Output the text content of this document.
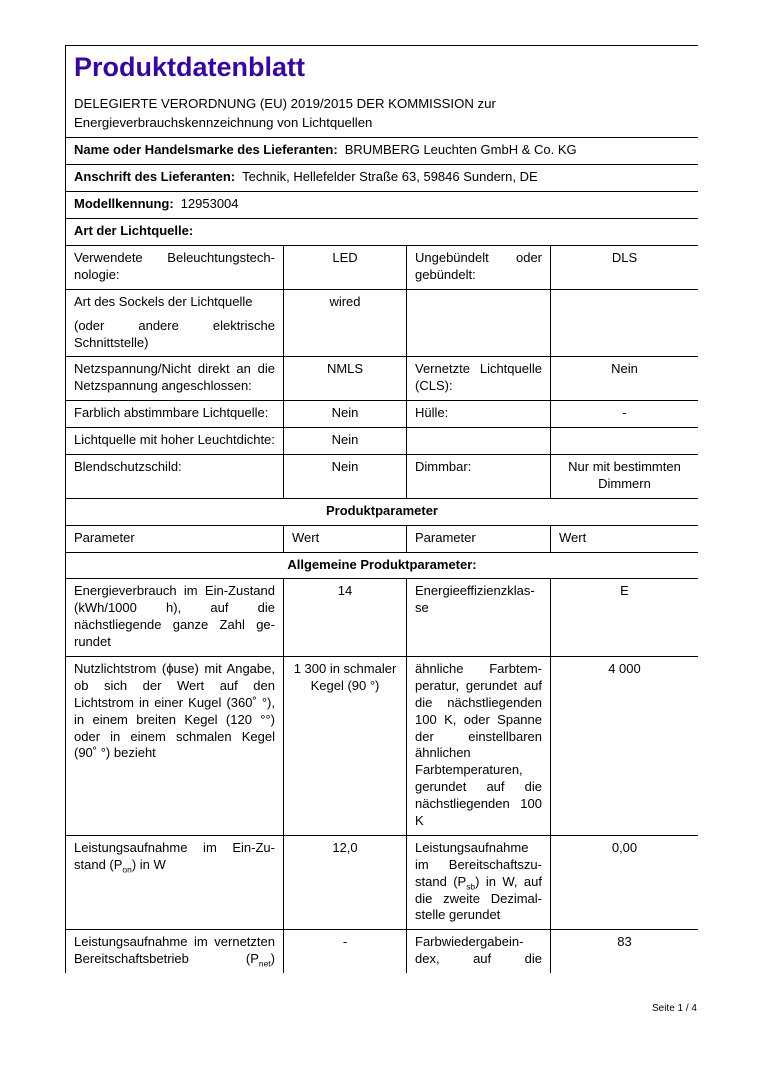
Produktdatenblatt
DELEGIERTE VERORDNUNG (EU) 2019/2015 DER KOMMISSION zur
Energieverbrauchskennzeichnung von Lichtquellen			

Name oder Handelsmarke des Lieferanten: BRUMBERG Leuchten GmbH & Co. KG			
Anschrift des Lieferanten: Technik, Hellefelder Straße 63, 59846 Sundern, DE			
Modellkennung: 12953004			
Art der Lichtquelle:			
Verwendete Beleuchtungstechnologie:	LED	Ungebündelt oder gebündelt:	DLS

Art des Sockels der Lichtquelle
(oder andere elektrische Schnittstelle)	wired		
Netzspannung/Nicht direkt an die Netzspannung angeschlossen:	NMLS	Vernetzte Lichtquelle (CLS):	Nein
Farblich abstimmbare Lichtquelle:	Nein	Hülle:	-
Lichtquelle mit hoher Leuchtdichte:	Nein		
Blendschutzschild:	Nein	Dimmbar:	Nur mit bestimmten Dimmern
Produktparameter			
Parameter	Wert	Parameter	Wert
Allgemeine Produktparameter:			
Energieverbrauch im Ein-Zustand (kWh/1000 h), auf die nächstliegende ganze Zahl gerundet	14	Energieeffizienzklasse	E
Nutzlichtstrom (ϕuse) mit Angabe, ob sich der Wert auf den Lichtstrom in einer Kugel (360˚ °), in einem breiten Kegel (120 °°) oder in einem schmalen Kegel (90˚ °) bezieht	1 300 in schmaler Kegel (90 °)	ähnliche Farbtemperatur, gerundet auf die nächstliegenden 100 K, oder Spanne der einstellbaren ähnlichen Farbtemperaturen, gerundet auf die nächstliegenden 100 K	4 000
Leistungsaufnahme im Ein-Zustand $(P_{on})$ in W	12,0	Leistungsaufnahme im Bereitschaftszustand $(P_{sb})$ in W, auf die zweite Dezimalstelle gerundet	0,00
Leistungsaufnahme im vernetzten Bereitschaftsbetrieb $(P_{net})$	-	Farbwiedergabeindex, auf die	83
Seite 1 / 4
